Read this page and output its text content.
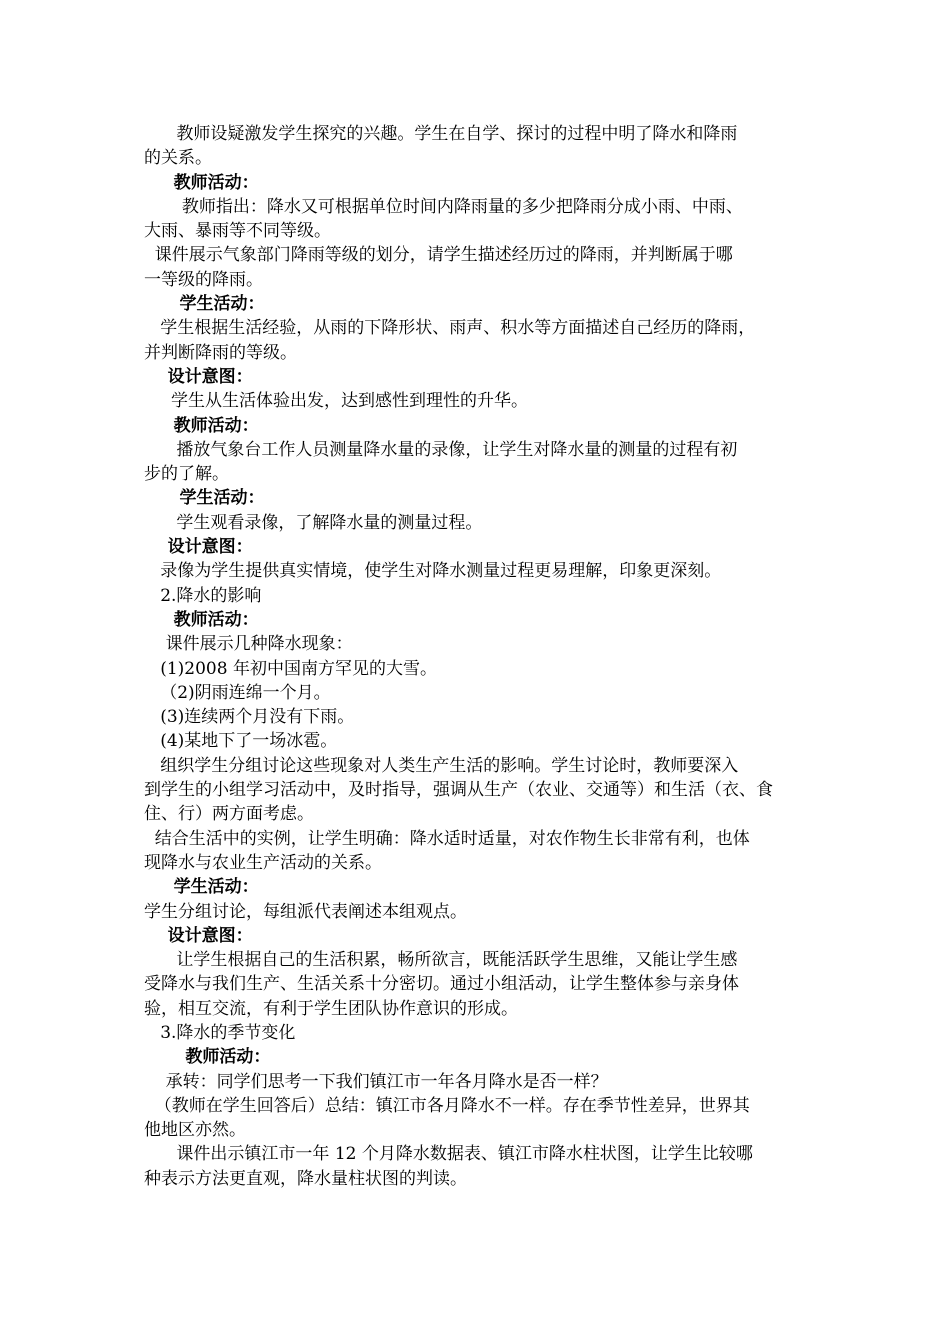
教师设疑激发学生探究的兴趣。学生在自学、探讨的过程中明了降水和降雨

的关系。

教师活动：

教师指出：降水又可根据单位时间内降雨量的多少把降雨分成小雨、中雨、

大雨、暴雨等不同等级。

课件展示气象部门降雨等级的划分，请学生描述经历过的降雨，并判断属于哪

一等级的降雨。

学生活动：

学生根据生活经验，从雨的下降形状、雨声、积水等方面描述自己经历的降雨，

并判断降雨的等级。

设计意图：

学生从生活体验出发，达到感性到理性的升华。

教师活动：

播放气象台工作人员测量降水量的录像，让学生对降水量的测量的过程有初

步的了解。

学生活动：

学生观看录像，了解降水量的测量过程。

设计意图：

录像为学生提供真实情境，使学生对降水测量过程更易理解，印象更深刻。

2.降水的影响

教师活动：

课件展示几种降水现象：

(1)2008 年初中国南方罕见的大雪。

（2)阴雨连绵一个月。

(3)连续两个月没有下雨。

(4)某地下了一场冰雹。

组织学生分组讨论这些现象对人类生产生活的影响。学生讨论时，教师要深入

到学生的小组学习活动中，及时指导，强调从生产（农业、交通等）和生活（衣、食

住、行）两方面考虑。

结合生活中的实例，让学生明确：降水适时适量，对农作物生长非常有利，也体

现降水与农业生产活动的关系。

学生活动：

学生分组讨论，每组派代表阐述本组观点。

设计意图：

让学生根据自己的生活积累，畅所欲言，既能活跃学生思维，又能让学生感

受降水与我们生产、生活关系十分密切。通过小组活动，让学生整体参与亲身体

验，相互交流，有利于学生团队协作意识的形成。

3.降水的季节变化

教师活动：

承转：同学们思考一下我们镇江市一年各月降水是否一样？

（教师在学生回答后）总结：镇江市各月降水不一样。存在季节性差异，世界其

他地区亦然。

课件出示镇江市一年 12 个月降水数据表、镇江市降水柱状图，让学生比较哪

种表示方法更直观，降水量柱状图的判读。
